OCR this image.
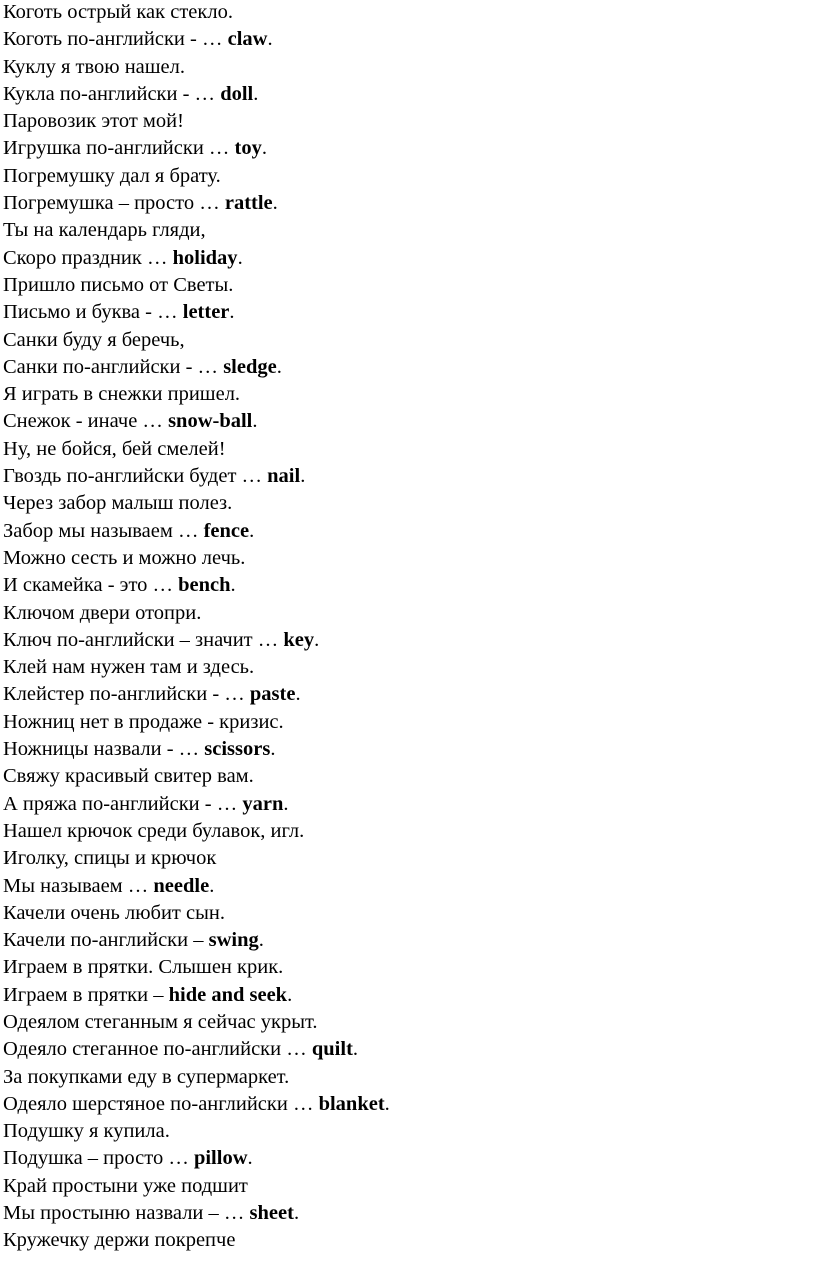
Коготь острый как стекло.
Коготь по-английски - … claw.
Куклу я твою нашел.
Кукла по-английски - … doll.
Паровозик этот мой!
Игрушка по-английски … toy.
Погремушку дал я брату.
Погремушка – просто … rattle.
Ты на календарь гляди,
Скоро праздник … holiday.
Пришло письмо от Светы.
Письмо и буква - … letter.
Санки буду я беречь,
Санки по-английски - … sledge.
Я играть в снежки пришел.
Снежок - иначе … snow-ball.
Ну, не бойся, бей смелей!
Гвоздь по-английски будет … nail.
Через забор малыш полез.
Забор мы называем … fence.
Можно сесть и можно лечь.
И скамейка - это … bench.
Ключом двери отопри.
Ключ по-английски – значит … key.
Клей нам нужен там и здесь.
Клейстер по-английски - … paste.
Ножниц нет в продаже - кризис.
Ножницы назвали - … scissors.
Свяжу красивый свитер вам.
А пряжа по-английски - … yarn.
Нашел крючок среди булавок, игл.
Иголку, спицы и крючок
Мы называем … needle.
Качели очень любит сын.
Качели по-английски – swing.
Играем в прятки. Слышен крик.
Играем в прятки – hide and seek.
Одеялом стеганным я сейчас укрыт.
Одеяло стеганное по-английски … quilt.
За покупками еду в супермаркет.
Одеяло шерстяное по-английски … blanket.
Подушку я купила.
Подушка – просто … pillow.
Край простыни уже подшит
Мы простыню назвали – … sheet.
Кружечку держи покрепче
